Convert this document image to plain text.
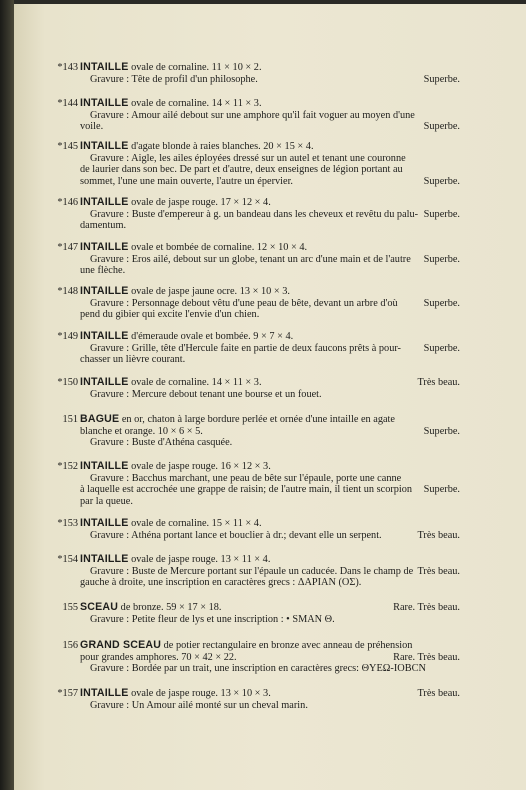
*143 INTAILLE ovale de cornaline. 11 × 10 × 2.
Gravure : Tête de profil d'un philosophe.	Superbe.
*144 INTAILLE ovale de cornaline. 14 × 11 × 3.
Gravure : Amour ailé debout sur une amphore qu'il fait voguer au moyen d'une
voile.	Superbe.
*145 INTAILLE d'agate blonde à raies blanches. 20 × 15 × 4.
Gravure : Aigle, les ailes éployées dressé sur un autel et tenant une couronne
de laurier dans son bec. De part et d'autre, deux enseignes de légion portant au
sommet, l'une une main ouverte, l'autre un épervier.	Superbe.
*146 INTAILLE ovale de jaspe rouge. 17 × 12 × 4.
Gravure : Buste d'empereur à g. un bandeau dans les cheveux et revêtu du palu-
damentum.
Superbe.
*147 INTAILLE ovale et bombée de cornaline. 12 × 10 × 4.
Gravure : Eros ailé, debout sur un globe, tenant un arc d'une main et de l'autre
une flèche.
Superbe.
*148 INTAILLE ovale de jaspe jaune ocre. 13 × 10 × 3.
Gravure : Personnage debout vêtu d'une peau de bête, devant un arbre d'où
pend du gibier qui excite l'envie d'un chien.
Superbe.
*149 INTAILLE d'émeraude ovale et bombée. 9 × 7 × 4.
Gravure : Grille, tête d'Hercule faite en partie de deux faucons prêts à pour-
chasser un lièvre courant.
Superbe.
*150 INTAILLE ovale de cornaline. 14 × 11 × 3.
Gravure : Mercure debout tenant une bourse et un fouet.
Très beau.
151 BAGUE en or, chaton à large bordure perlée et ornée d'une intaille en agate
blanche et orange. 10 × 6 × 5.
Gravure : Buste d'Athéna casquée.
Superbe.
*152 INTAILLE ovale de jaspe rouge. 16 × 12 × 3.
Gravure : Bacchus marchant, une peau de bête sur l'épaule, porte une canne
à laquelle est accrochée une grappe de raisin; de l'autre main, il tient un scorpion
par la queue.
Superbe.
*153 INTAILLE ovale de cornaline. 15 × 11 × 4.
Gravure : Athéna portant lance et bouclier à dr.; devant elle un serpent.	Très beau.
*154 INTAILLE ovale de jaspe rouge. 13 × 11 × 4.
Gravure : Buste de Mercure portant sur l'épaule un caducée. Dans le champ de
gauche à droite, une inscription en caractères grecs : ΔAPIAN (OΣ).
Très beau.
155 SCEAU de bronze. 59 × 17 × 18.
Gravure : Petite fleur de lys et une inscription : • SMAN Θ.
Rare. Très beau.
156 GRAND SCEAU de potier rectangulaire en bronze avec anneau de préhension
pour grandes amphores. 70 × 42 × 22.
Gravure : Bordée par un trait, une inscription en caractères grecs: ΘYEΩ-IOBCN
Rare. Très beau.
*157 INTAILLE ovale de jaspe rouge. 13 × 10 × 3.
Gravure : Un Amour ailé monté sur un cheval marin.
Très beau.
